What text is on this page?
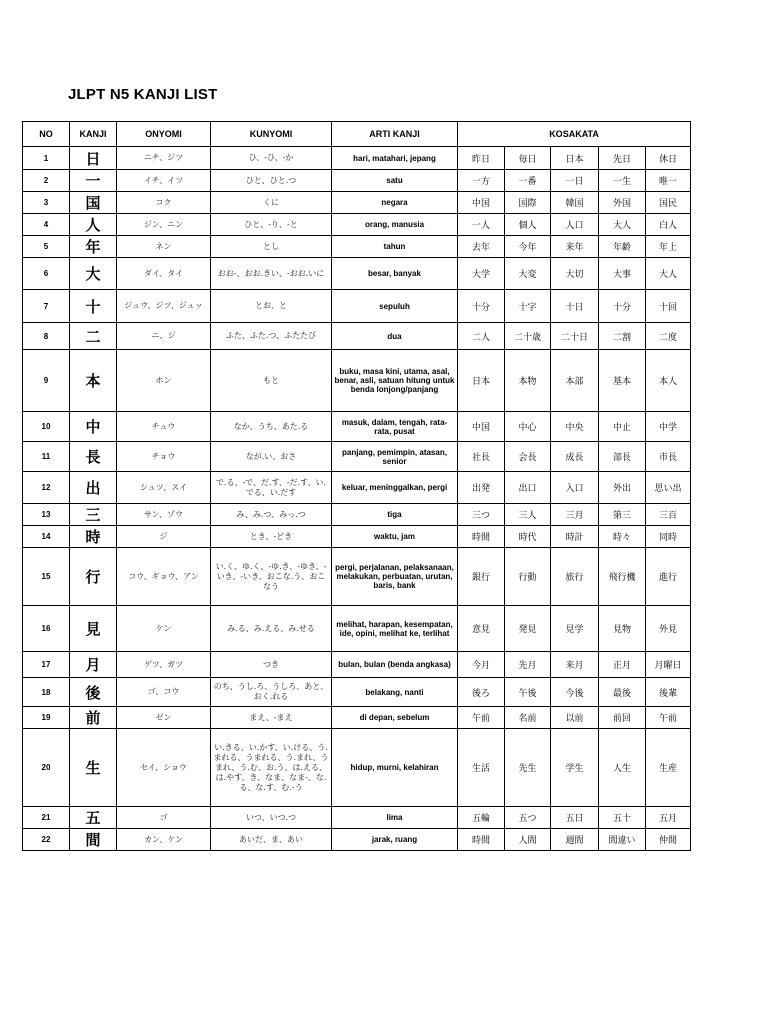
JLPT N5 KANJI LIST
NO	KANJI	ONYOMI	KUNYOMI	ARTI KANJI	KOSAKATA				
1	日	ニチ、ジツ	ひ、-ひ、-か	hari, matahari, jepang	昨日	毎日	日本	先日	休日
2	一	イチ、イツ	ひと、ひと.つ	satu	一方	一番	一日	一生	唯一
3	国	コク	くに	negara	中国	国際	韓国	外国	国民
4	人	ジン、ニン	ひと、-り、-と	orang, manusia	一人	個人	人口	大人	白人
5	年	ネン	とし	tahun	去年	今年	来年	年齢	年上
6	大	ダイ、タイ	おお-、おお.きい、-おお.いに	besar, banyak	大学	大変	大切	大事	大人
7	十	ジュウ、ジツ、ジュッ	とお、と	sepuluh	十分	十字	十日	十分	十回
8	二	ニ、ジ	ふた、ふた.つ、ふたたび	dua	二人	二十歳	二十日	二割	二度
9	本	ホン	もと	buku, masa kini, utama, asal, benar, asli, satuan hitung untuk benda lonjong/panjang	日本	本物	本部	基本	本人
10	中	チュウ	なか、うち、あた.る	masuk, dalam, tengah, rata-rata, pusat	中国	中心	中央	中止	中学
11	長	チョウ	なが.い、おさ	panjang, pemimpin, atasan, senior	社長	会長	成長	部長	市長
12	出	シュツ、スイ	で.る、-で、だ.す、-だ.す、い.でる、い.だす	keluar, meninggalkan, pergi	出発	出口	入口	外出	思い出
13	三	サン、ゾウ	み、み.つ、みっ.つ	tiga	三つ	三人	三月	第三	三百
14	時	ジ	とき、-どき	waktu, jam	時間	時代	時計	時々	同時
15	行	コウ、ギョウ、アン	い.く、ゆ.く、-ゆ.き、-ゆき、-いき、-いき、おこな.う、おこなう	pergi, perjalanan, pelaksanaan, melakukan, perbuatan, urutan, baris, bank	銀行	行動	旅行	飛行機	進行
16	見	ケン	み.る、み.える、み.せる	melihat, harapan, kesempatan, ide, opini, melihat ke, terlihat	意見	発見	見学	見物	外見
17	月	ゲツ、ガツ	つき	bulan, bulan (benda angkasa)	今月	先月	来月	正月	月曜日
18	後	ゴ、コウ	のち、うし.ろ、うしろ、あと、おく.れる	belakang, nanti	後ろ	午後	今後	最後	後輩
19	前	ゼン	まえ、-まえ	di depan, sebelum	午前	名前	以前	前回	午前
20	生	セイ、ショウ	い.きる、い.かす、い.ける、う.まれる、うまれる、う.まれ、うまれ、う.む、お.う、は.える、は.やす、き、なま、なま-、な.る、な.す、む.-う	hidup, murni, kelahiran	生活	先生	学生	人生	生産
21	五	ゴ	いつ、いつ.つ	lima	五輪	五つ	五日	五十	五月
22	間	カン、ケン	あいだ、ま、あい	jarak, ruang	時間	人間	週間	間違い	仲間
